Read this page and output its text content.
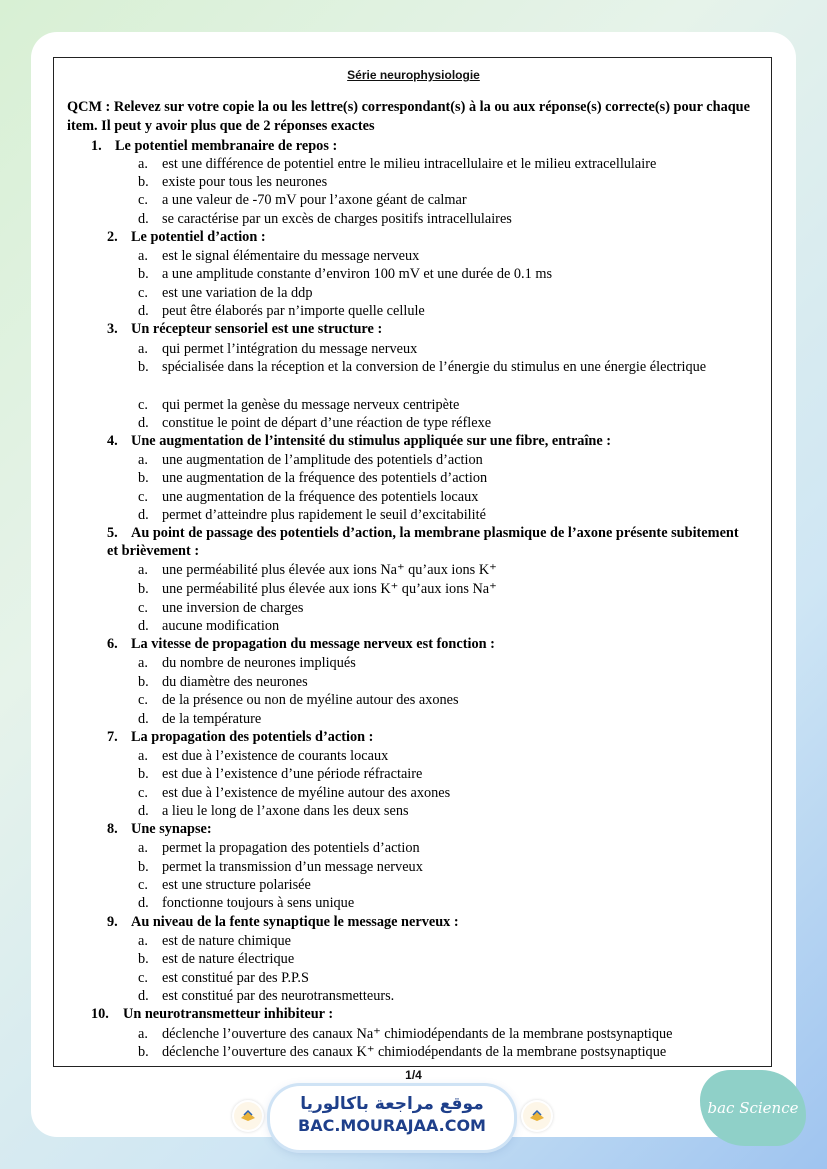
Série neurophysiologie
QCM : Relevez sur votre copie la ou les lettre(s) correspondant(s) à la ou aux réponse(s) correcte(s) pour chaque item. Il peut y avoir plus que de 2 réponses exactes
1. Le potentiel membranaire de repos :
a. est une différence de potentiel entre le milieu intracellulaire et le milieu extracellulaire
b. existe pour tous les neurones
c. a une valeur de -70 mV pour l’axone géant de calmar
d. se caractérise par un excès de charges positifs intracellulaires
2. Le potentiel d’action :
a. est le signal élémentaire du message nerveux
b. a une amplitude constante d’environ 100 mV et une durée de 0.1 ms
c. est une variation de la ddp
d. peut être élaborés par n’importe quelle cellule
3. Un récepteur sensoriel est une structure :
a. qui permet l’intégration du message nerveux
b. spécialisée dans la réception et la conversion de l’énergie du stimulus en une énergie électrique
c. qui permet la genèse du message nerveux centripète
d. constitue le point de départ d’une réaction de type réflexe
4. Une augmentation de l’intensité du stimulus appliquée sur une fibre, entraîne :
a. une augmentation de l’amplitude des potentiels d’action
b. une augmentation de la fréquence des potentiels d’action
c. une augmentation de la fréquence des potentiels locaux
d. permet d’atteindre plus rapidement le seuil d’excitabilité
5. Au point de passage des potentiels d’action, la membrane plasmique de l’axone présente subitement et brièvement :
a. une perméabilité plus élevée aux ions Na⁺ qu’aux ions K⁺
b. une perméabilité plus élevée aux ions K⁺ qu’aux ions Na⁺
c. une inversion de charges
d. aucune modification
6. La vitesse de propagation du message nerveux est fonction :
a. du nombre de neurones impliqués
b. du diamètre des neurones
c. de la présence ou non de myéline autour des axones
d. de la température
7. La propagation des potentiels d’action :
a. est due à l’existence de courants locaux
b. est due à l’existence d’une période réfractaire
c. est due à l’existence de myéline autour des axones
d. a lieu le long de l’axone dans les deux sens
8. Une synapse:
a. permet la propagation des potentiels d’action
b. permet la transmission d’un message nerveux
c. est une structure polarisée
d. fonctionne toujours à sens unique
9. Au niveau de la fente synaptique le message nerveux :
a. est de nature chimique
b. est de nature électrique
c. est constitué par des P.P.S
d. est constitué par des neurotransmetteurs.
10. Un neurotransmetteur inhibiteur :
a. déclenche l’ouverture des canaux Na⁺ chimiodépendants de la membrane postsynaptique
b. déclenche l’ouverture des canaux K⁺ chimiodépendants de la membrane postsynaptique
1/4
موقع مراجعة باكالوريا
BAC.MOURAJAA.COM
bac Science
